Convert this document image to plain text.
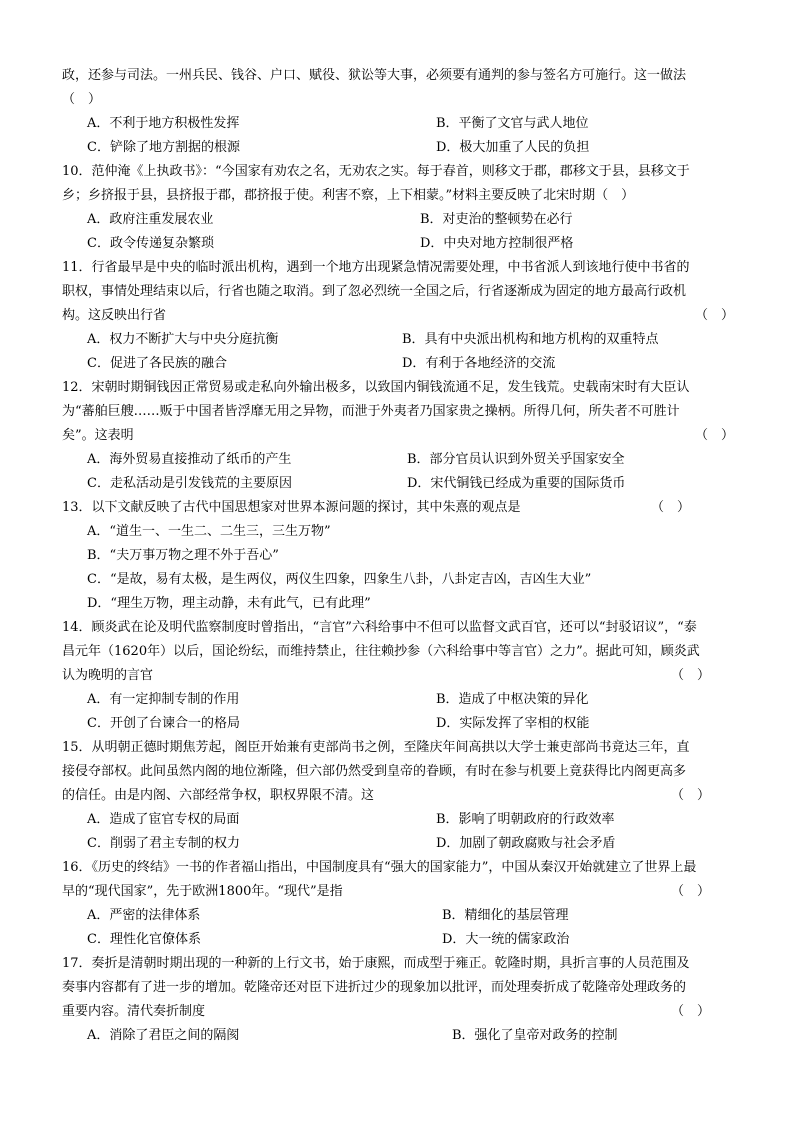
政，还参与司法。一州兵民、钱谷、户口、赋役、狱讼等大事，必须要有通判的参与签名方可施行。这一做法
（　）
A．不利于地方积极性发挥	B．平衡了文官与武人地位
C．铲除了地方割据的根源	D．极大加重了人民的负担
10．范仲淹《上执政书》：“今国家有劝农之名，无劝农之实。每于春首，则移文于郡，郡移文于县，县移文于
乡；乡挤报于县，县挤报于郡，郡挤报于使。利害不察，上下相蒙。”材料主要反映了北宋时期（　）
A．政府注重发展农业	B．对吏治的整顿势在必行
C．政令传递复杂繁琐	D．中央对地方控制很严格
11．行省最早是中央的临时派出机构，遇到一个地方出现紧急情况需要处理，中书省派人到该地行使中书省的
职权，事情处理结束以后，行省也随之取消。到了忽必烈统一全国之后，行省逐渐成为固定的地方最高行政机
构。这反映出行省	（　）
A．权力不断扩大与中央分庭抗衡	B．具有中央派出机构和地方机构的双重特点
C．促进了各民族的融合	D．有利于各地经济的交流
12．宋朝时期铜钱因正常贸易或走私向外输出极多，以致国内铜钱流通不足，发生钱荒。史载南宋时有大臣认
为“蕃舶巨艘……贩于中国者皆浮靡无用之异物，而泄于外夷者乃国家贵之操柄。所得几何，所失者不可胜计
矣”。这表明	（　）
A．海外贸易直接推动了纸币的产生	B．部分官员认识到外贸关乎国家安全
C．走私活动是引发钱荒的主要原因	D．宋代铜钱已经成为重要的国际货币
13．以下文献反映了古代中国思想家对世界本源问题的探讨，其中朱熹的观点是	（　）
A．“道生一、一生二、二生三，三生万物”
B．“夫万事万物之理不外于吾心”
C．“是故，易有太极，是生两仪，两仪生四象，四象生八卦，八卦定吉凶，吉凶生大业”
D．“理生万物，理主动静，未有此气，已有此理”
14．顾炎武在论及明代监察制度时曾指出，“言官”六科给事中不但可以监督文武百官，还可以“封驳诏议”，“泰
昌元年（1620年）以后，国论纷纭，而维持禁止，往往赖抄参（六科给事中等言官）之力”。据此可知，顾炎武
认为晚明的言官	（　）
A．有一定抑制专制的作用	B．造成了中枢决策的异化
C．开创了台谏合一的格局	D．实际发挥了宰相的权能
15．从明朝正德时期焦芳起，阁臣开始兼有吏部尚书之例，至隆庆年间高拱以大学士兼吏部尚书竟达三年，直
接侵夺部权。此间虽然内阁的地位渐隆，但六部仍然受到皇帝的眷顾，有时在参与机要上竟获得比内阁更高多
的信任。由是内阁、六部经常争权，职权界限不清。这	（　）
A．造成了宦官专权的局面	B．影响了明朝政府的行政效率
C．削弱了君主专制的权力	D．加剧了朝政腐败与社会矛盾
16．《历史的终结》一书的作者福山指出，中国制度具有“强大的国家能力”，中国从秦汉开始就建立了世界上最
早的“现代国家”，先于欧洲1800年。“现代”是指	（　）
A．严密的法律体系	B．精细化的基层管理
C．理性化官僚体系	D．大一统的儒家政治
17．奏折是清朝时期出现的一种新的上行文书，始于康熙，而成型于雍正。乾隆时期，具折言事的人员范围及
奏事内容都有了进一步的增加。乾隆帝还对臣下进折过少的现象加以批评，而处理奏折成了乾隆帝处理政务的
重要内容。清代奏折制度	（　）
A．消除了君臣之间的隔阂	B．强化了皇帝对政务的控制
